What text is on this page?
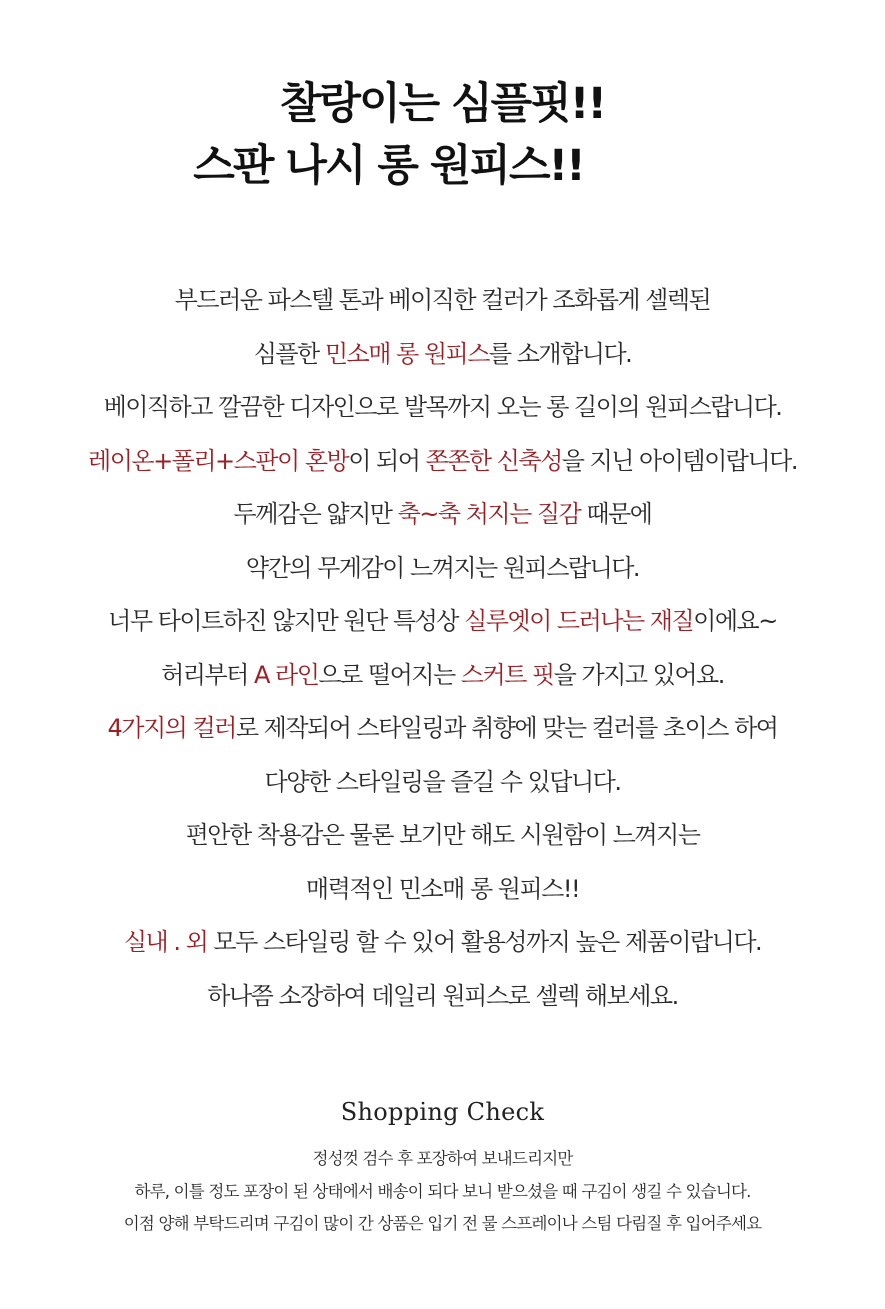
찰랑이는 심플핏!!
스판 나시 롱 원피스!!
부드러운 파스텔 톤과 베이직한 컬러가 조화롭게 셀렉된
심플한 민소매 롱 원피스를 소개합니다.
베이직하고 깔끔한 디자인으로 발목까지 오는 롱 길이의 원피스랍니다.
레이온+폴리+스판이 혼방이 되어 쫀쫀한 신축성을 지닌 아이템이랍니다.
두께감은 얇지만 축~축 처지는 질감 때문에
약간의 무게감이 느껴지는 원피스랍니다.
너무 타이트하진 않지만 원단 특성상 실루엣이 드러나는 재질이에요~
허리부터 A 라인으로 떨어지는 스커트 핏을 가지고 있어요.
4가지의 컬러로 제작되어 스타일링과 취향에 맞는 컬러를 초이스 하여
다양한 스타일링을 즐길 수 있답니다.
편안한 착용감은 물론 보기만 해도 시원함이 느껴지는
매력적인 민소매 롱 원피스!!
실내 . 외 모두 스타일링 할 수 있어 활용성까지 높은 제품이랍니다.
하나쯤 소장하여 데일리 원피스로 셀렉 해보세요.
Shopping Check
정성껏 검수 후 포장하여 보내드리지만
하루, 이틀 정도 포장이 된 상태에서 배송이 되다 보니 받으셨을 때 구김이 생길 수 있습니다.
이점 양해 부탁드리며 구김이 많이 간 상품은 입기 전 물 스프레이나 스팀 다림질 후 입어주세요
